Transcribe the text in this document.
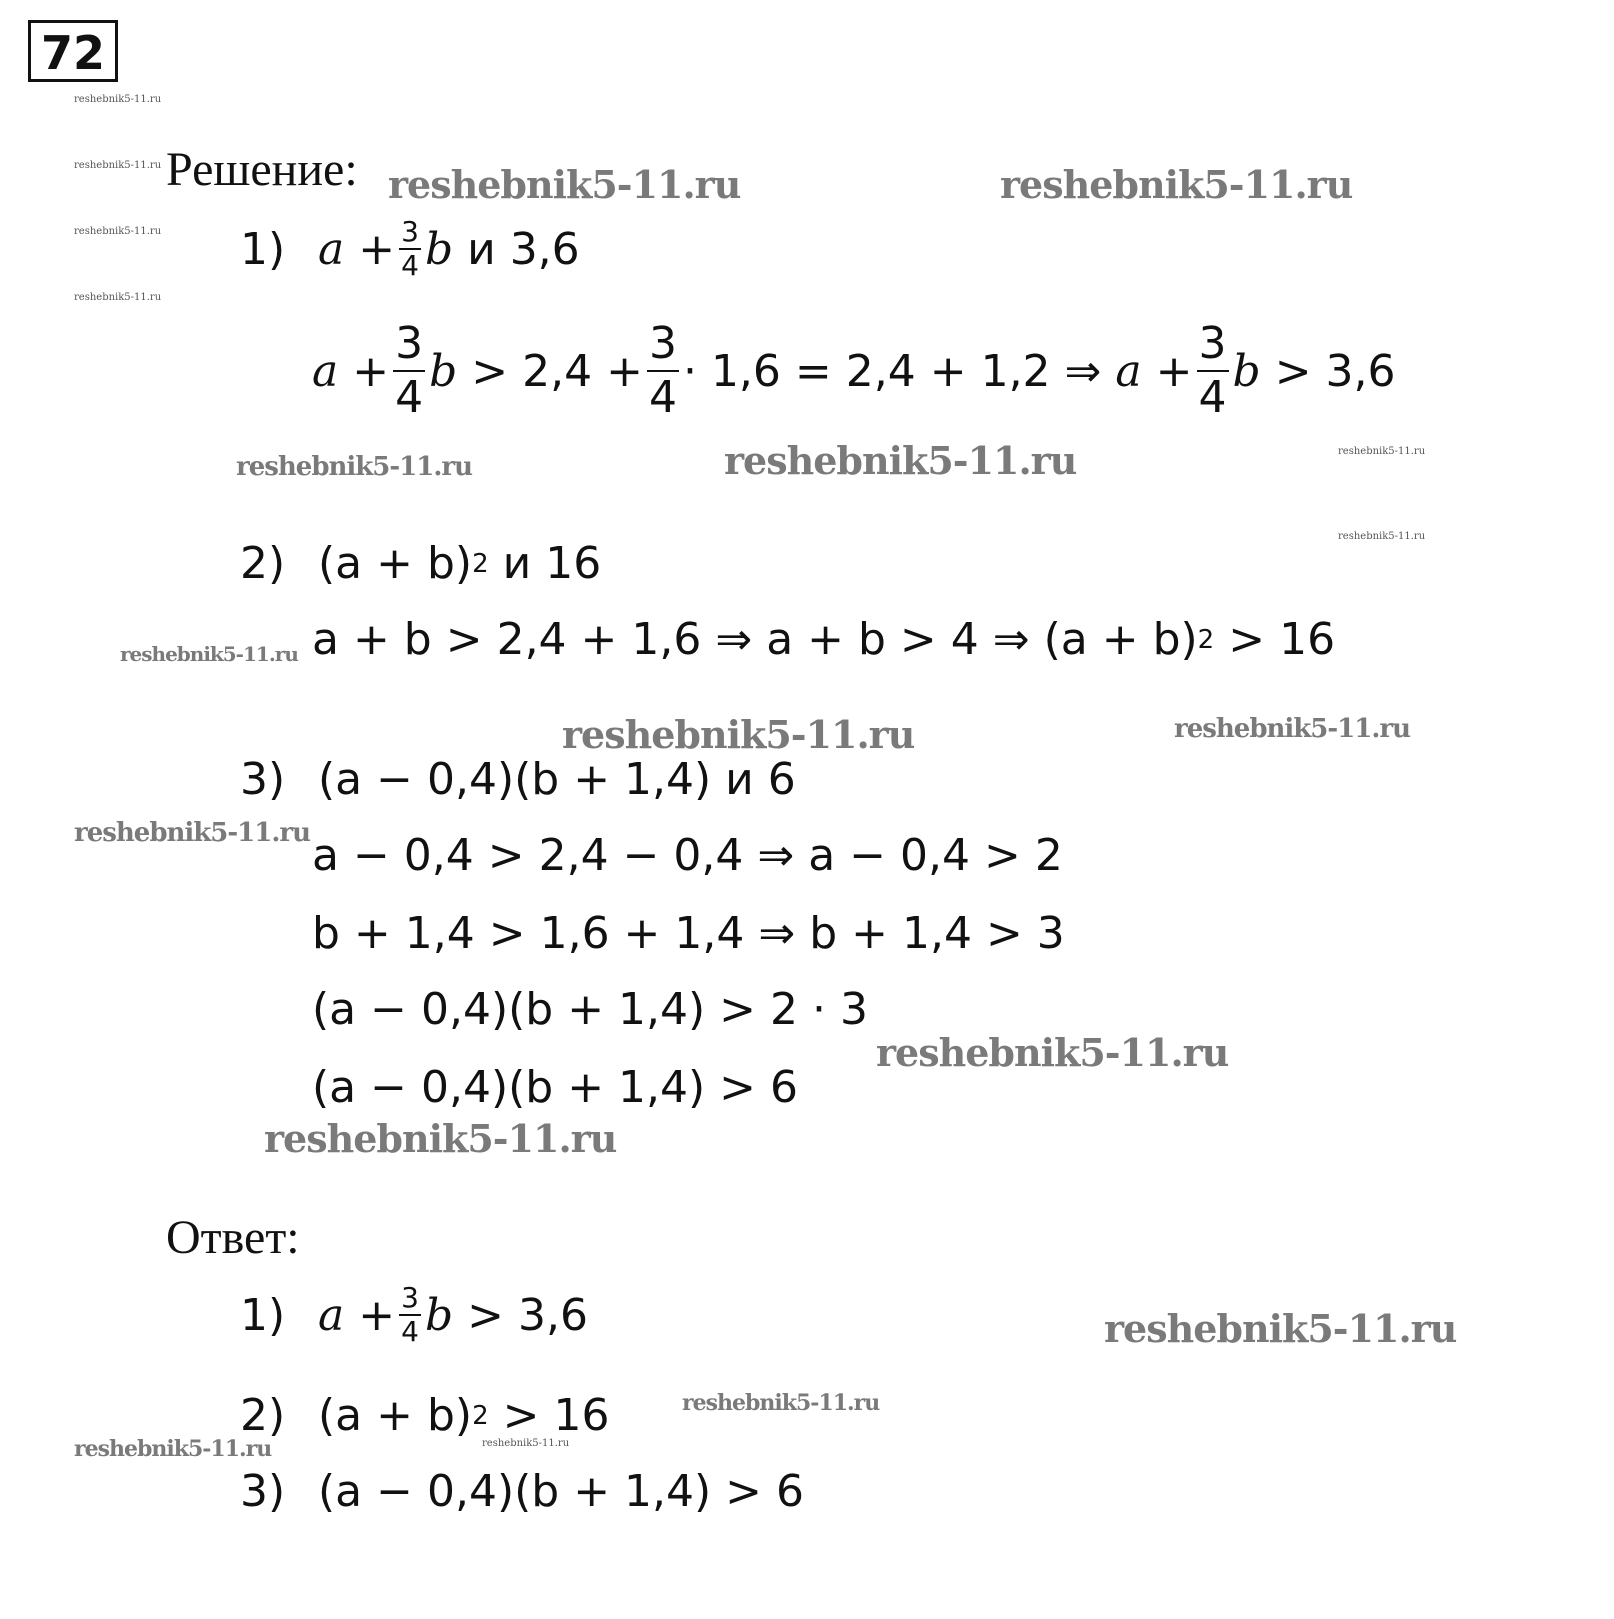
72
reshebnik5-11.ru
reshebnik5-11.ru
reshebnik5-11.ru
reshebnik5-11.ru
reshebnik5-11.ru
reshebnik5-11.ru
reshebnik5-11.ru
Решение: reshebnik5-11.ru	reshebnik5-11.ru
reshebnik5-11.ru	reshebnik5-11.ru
reshebnik5-11.ru
reshebnik5-11.ru	reshebnik5-11.ru
reshebnik5-11.ru
reshebnik5-11.ru
reshebnik5-11.ru
reshebnik5-11.ru
reshebnik5-11.ru
reshebnik5-11.ru
1) $a + \frac{3}{4}$ b и 3,6
$a + \frac{3}{4}$ $b > 2,4 + \frac{3}{4} \cdot 1,6 = 2,4 + 1,2$ ⇒ $a + \frac{3}{4}$ b > 3,6
2) (a + b) 2 и 16
a + b > 2,4 + 1,6 ⇒ a + b > 4 ⇒ (a + b) 2 > 16
3) (a − 0,4)(b + 1,4) и 6
a − 0,4 > 2,4 − 0,4 ⇒ a − 0,4 > 2
b + 1,4 > 1,6 + 1,4 ⇒ b + 1,4 > 3
(a − 0,4)(b + 1,4) > 2 · 3
(a − 0,4)(b + 1,4) > 6
Ответ:
1) $a + \frac{3}{4}$ b > 3,6
2) (a + b) 2 > 16
3) (a − 0,4)(b + 1,4) > 6
